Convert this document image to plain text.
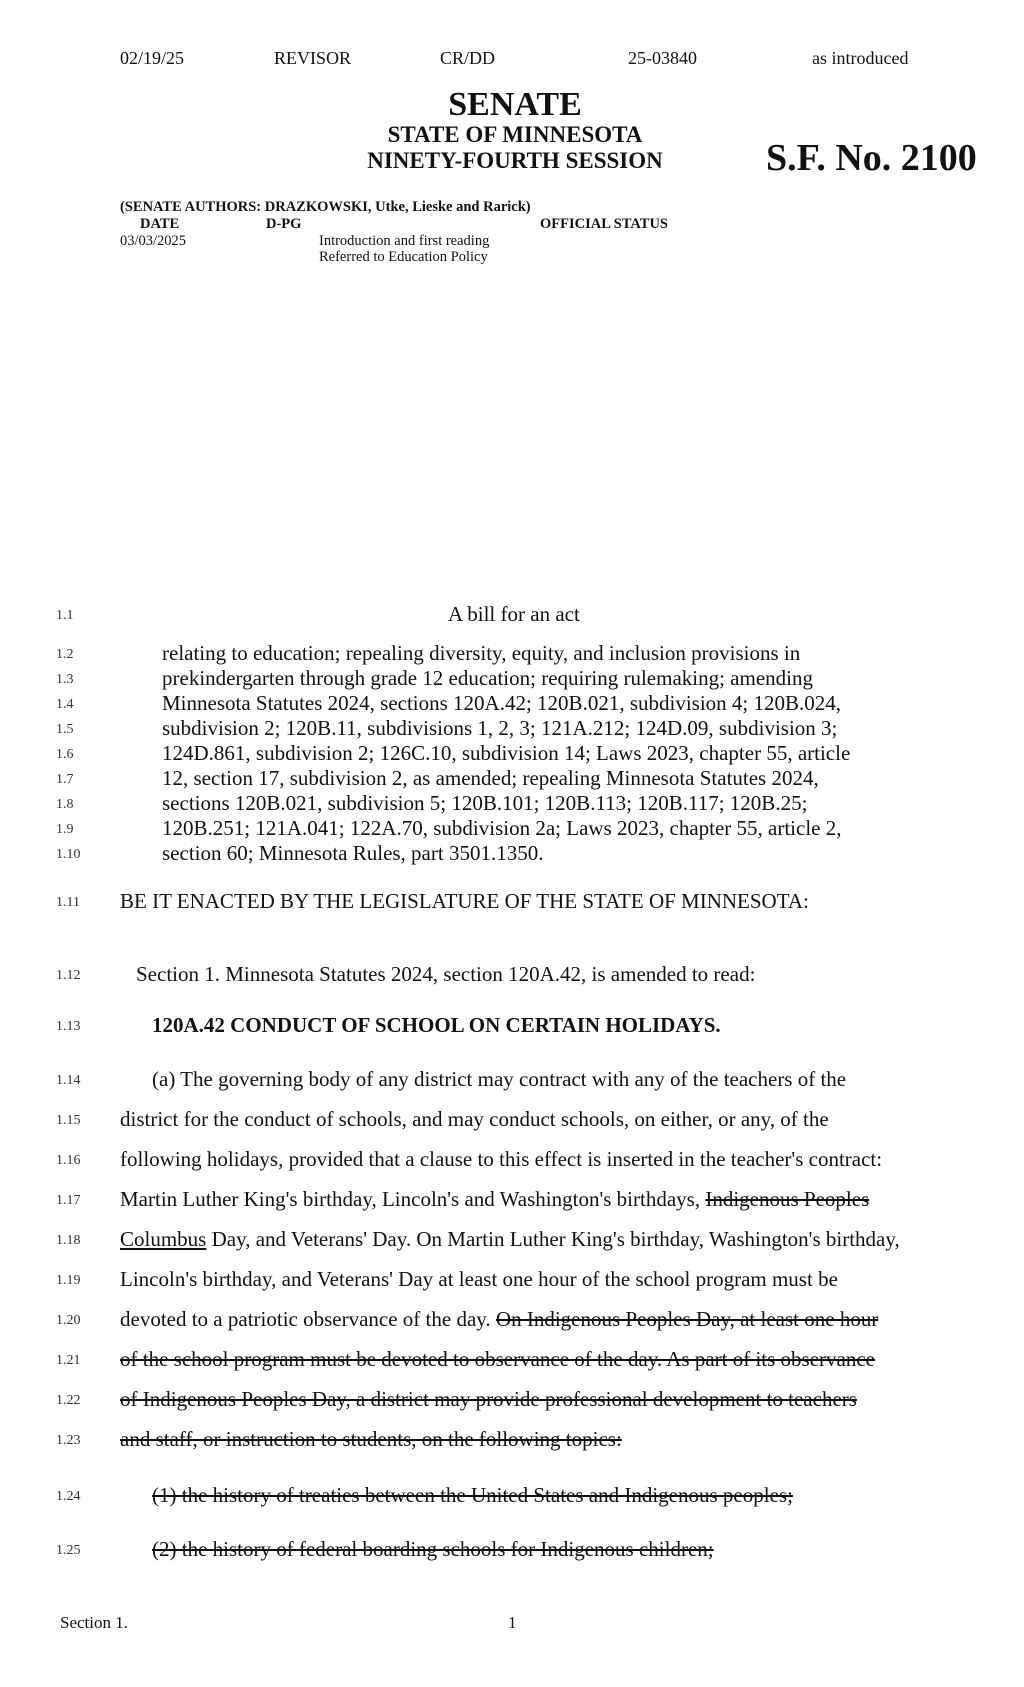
02/19/25	REVISOR	CR/DD	25-03840	as introduced
SENATE
STATE OF MINNESOTA
NINETY-FOURTH SESSION	S.F. No. 2100
(SENATE AUTHORS: DRAZKOWSKI, Utke, Lieske and Rarick)
DATE	D-PG	OFFICIAL STATUS
03/03/2025	Introduction and first reading
Referred to Education Policy
1.1	A bill for an act
1.2	relating to education; repealing diversity, equity, and inclusion provisions in
1.3	prekindergarten through grade 12 education; requiring rulemaking; amending
1.4	Minnesota Statutes 2024, sections 120A.42; 120B.021, subdivision 4; 120B.024,
1.5	subdivision 2; 120B.11, subdivisions 1, 2, 3; 121A.212; 124D.09, subdivision 3;
1.6	124D.861, subdivision 2; 126C.10, subdivision 14; Laws 2023, chapter 55, article
1.7	12, section 17, subdivision 2, as amended; repealing Minnesota Statutes 2024,
1.8	sections 120B.021, subdivision 5; 120B.101; 120B.113; 120B.117; 120B.25;
1.9	120B.251; 121A.041; 122A.70, subdivision 2a; Laws 2023, chapter 55, article 2,
1.10	section 60; Minnesota Rules, part 3501.1350.
1.11 BE IT ENACTED BY THE LEGISLATURE OF THE STATE OF MINNESOTA:
1.12	Section 1. Minnesota Statutes 2024, section 120A.42, is amended to read:
1.13	120A.42 CONDUCT OF SCHOOL ON CERTAIN HOLIDAYS.
1.14	(a) The governing body of any district may contract with any of the teachers of the
1.15 district for the conduct of schools, and may conduct schools, on either, or any, of the
1.16 following holidays, provided that a clause to this effect is inserted in the teacher's contract:
1.17 Martin Luther King's birthday, Lincoln's and Washington's birthdays, Indigenous Peoples
1.18 Columbus Day, and Veterans' Day. On Martin Luther King's birthday, Washington's birthday,
1.19 Lincoln's birthday, and Veterans' Day at least one hour of the school program must be
1.20 devoted to a patriotic observance of the day. On Indigenous Peoples Day, at least one hour
1.21 of the school program must be devoted to observance of the day. As part of its observance
1.22 of Indigenous Peoples Day, a district may provide professional development to teachers
1.23 and staff, or instruction to students, on the following topics:
1.24	(1) the history of treaties between the United States and Indigenous peoples;
1.25	(2) the history of federal boarding schools for Indigenous children;
Section 1.	1
